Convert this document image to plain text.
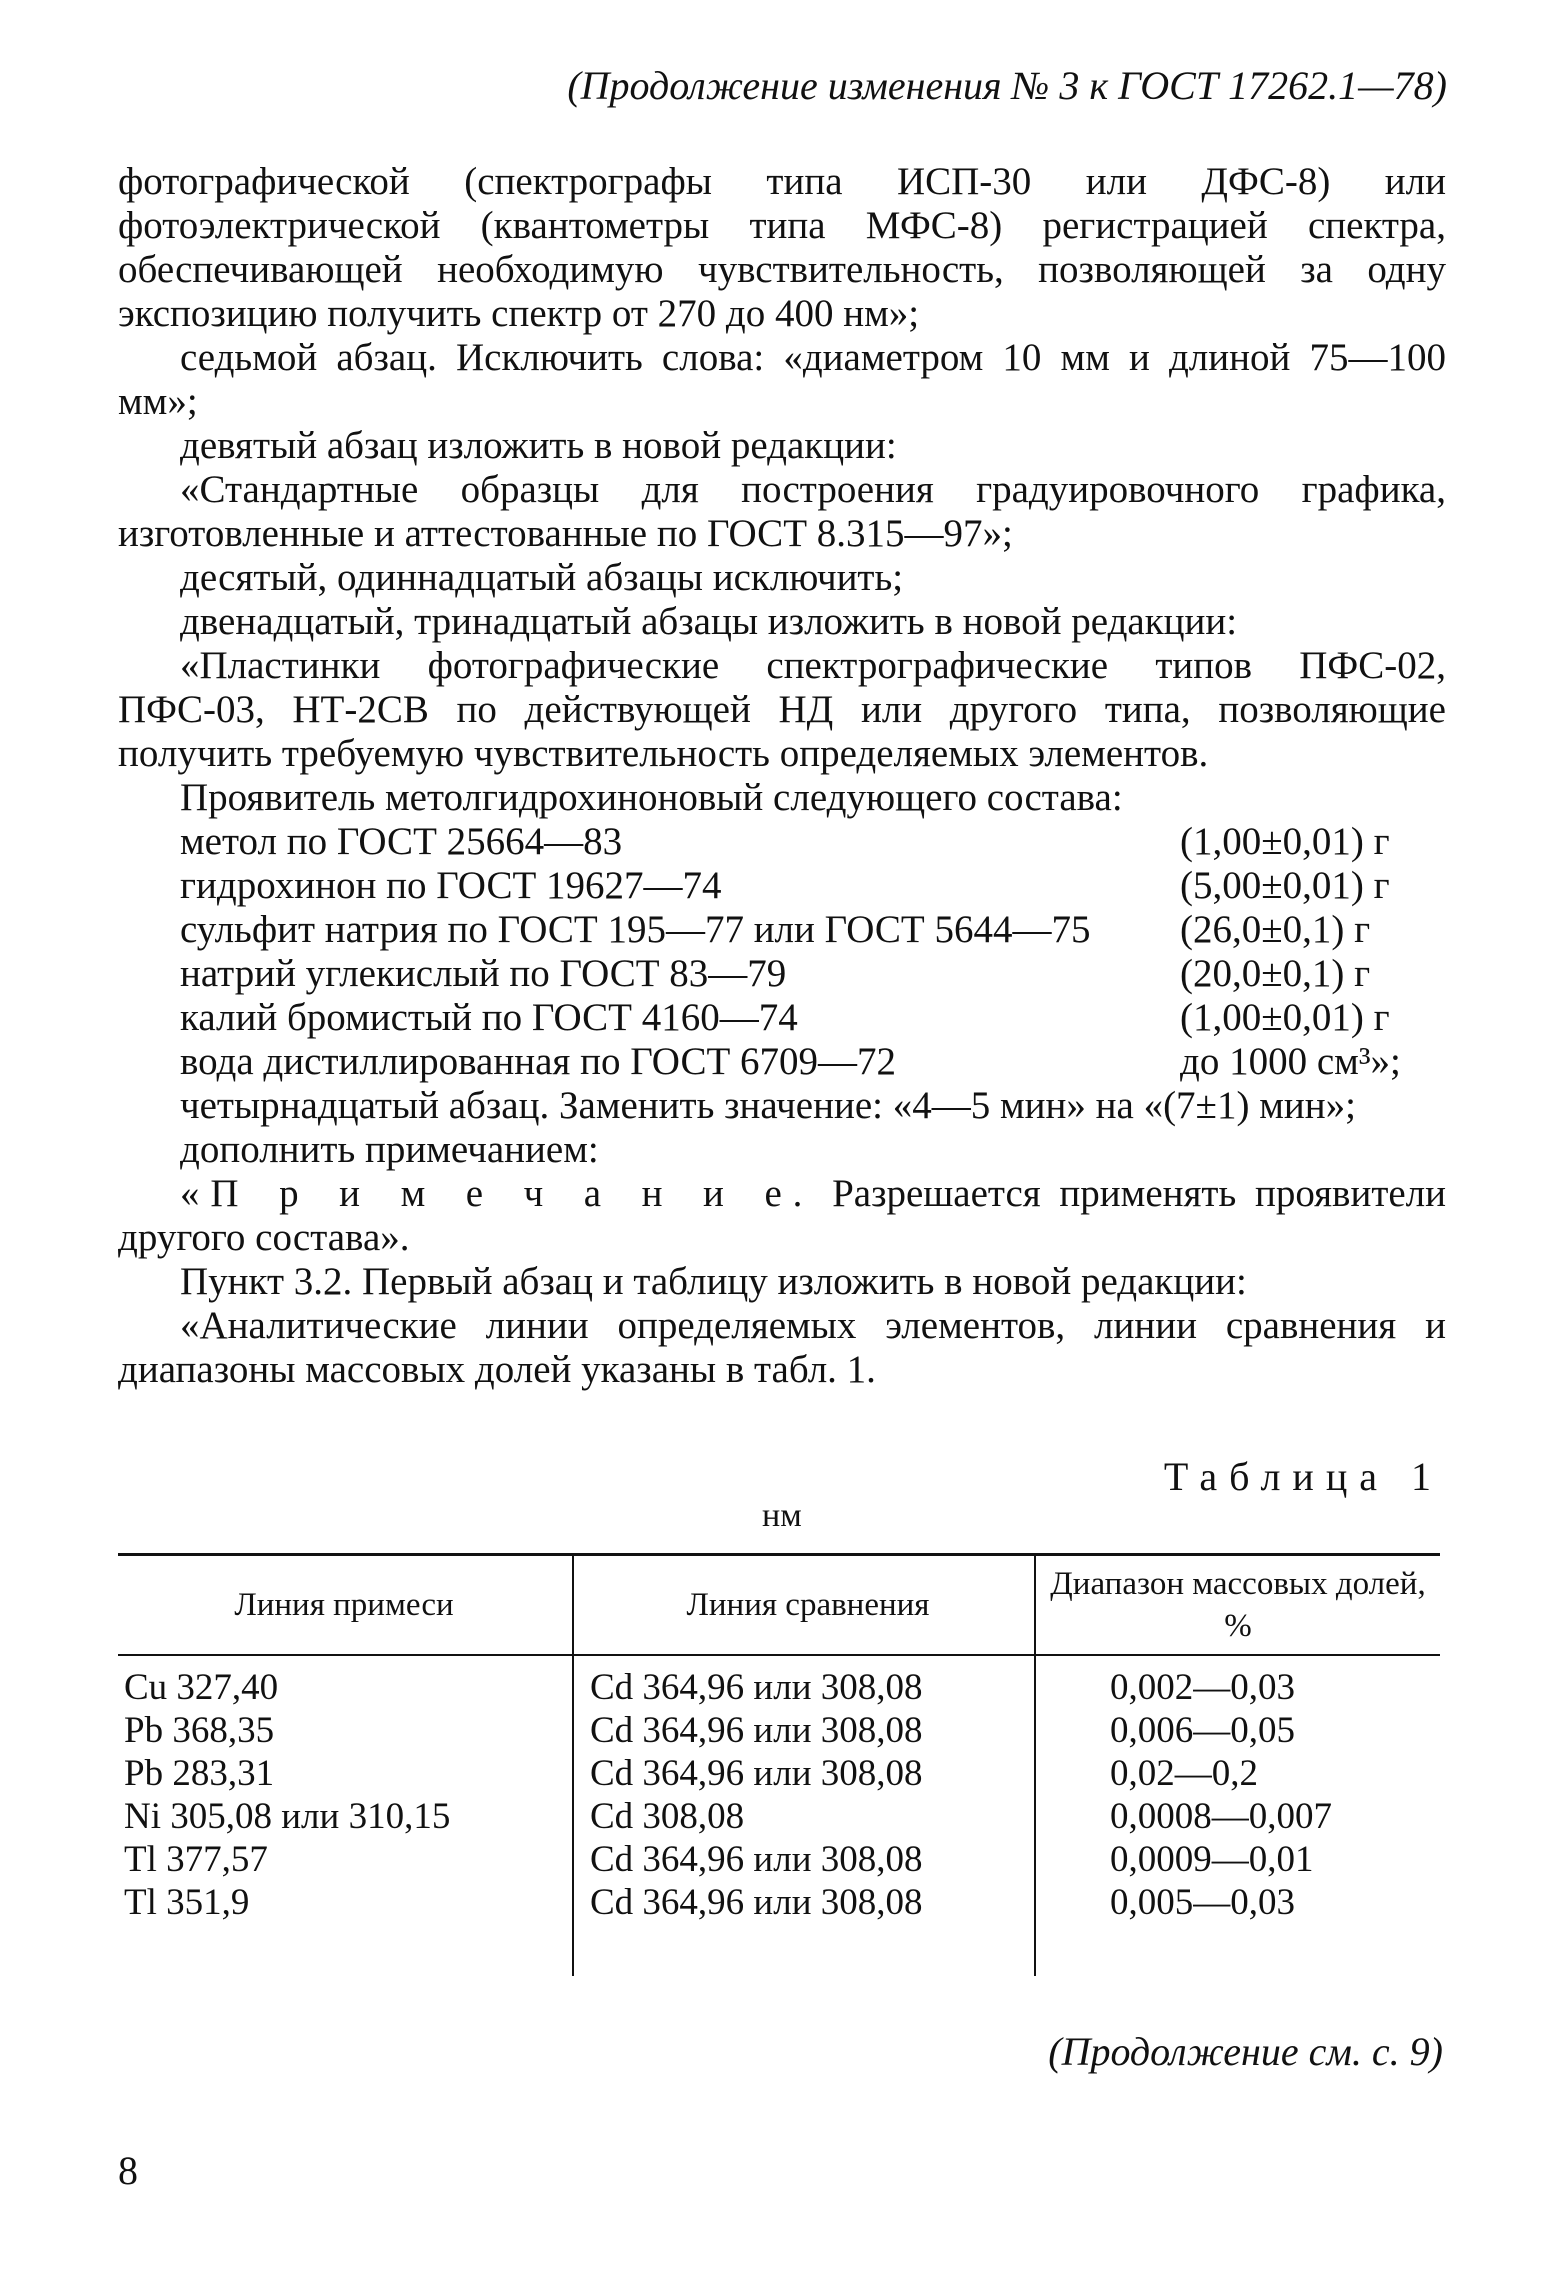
(Продолжение изменения № 3 к ГОСТ 17262.1—78)

фотографической (спектрографы типа ИСП-30 или ДФС-8) или фотоэлектрической (квантометры типа МФС-8) регистрацией спектра, обеспечивающей необходимую чувствительность, позволяющей за одну экспозицию получить спектр от 270 до 400 нм»;

седьмой абзац. Исключить слова: «диаметром 10 мм и длиной 75—100 мм»;

девятый абзац изложить в новой редакции:

«Стандартные образцы для построения градуировочного графика, изготовленные и аттестованные по ГОСТ 8.315—97»;

десятый, одиннадцатый абзацы исключить;

двенадцатый, тринадцатый абзацы изложить в новой редакции:

«Пластинки фотографические спектрографические типов ПФС-02, ПФС-03, НТ-2СВ по действующей НД или другого типа, позволяющие получить требуемую чувствительность определяемых элементов.

Проявитель метолгидрохиноновый следующего состава:

метол по ГОСТ 25664—83	(1,00±0,01) г
гидрохинон по ГОСТ 19627—74	(5,00±0,01) г
сульфит натрия по ГОСТ 195—77 или ГОСТ 5644—75 (26,0±0,1) г
натрий углекислый по ГОСТ 83—79	(20,0±0,1) г
калий бромистый по ГОСТ 4160—74	(1,00±0,01) г
вода дистиллированная по ГОСТ 6709—72	до 1000 см³»;

четырнадцатый абзац. Заменить значение: «4—5 мин» на «(7±1) мин»;

дополнить примечанием:

«П р и м е ч а н и е. Разрешается применять проявители другого состава».

Пункт 3.2. Первый абзац и таблицу изложить в новой редакции:

«Аналитические линии определяемых элементов, линии сравнения и диапазоны массовых долей указаны в табл. 1.

Таблица 1
нм
Линия примеси	Линия сравнения	Диапазон массовых долей, %
Cu 327,40	Cd 364,96 или 308,08	0,002—0,03
Pb 368,35	Cd 364,96 или 308,08	0,006—0,05
Pb 283,31	Cd 364,96 или 308,08	0,02—0,2
Ni 305,08 или 310,15	Cd 308,08	0,0008—0,007
Tl 377,57	Cd 364,96 или 308,08	0,0009—0,01
Tl 351,9	Cd 364,96 или 308,08	0,005—0,03
(Продолжение см. с. 9)
8
